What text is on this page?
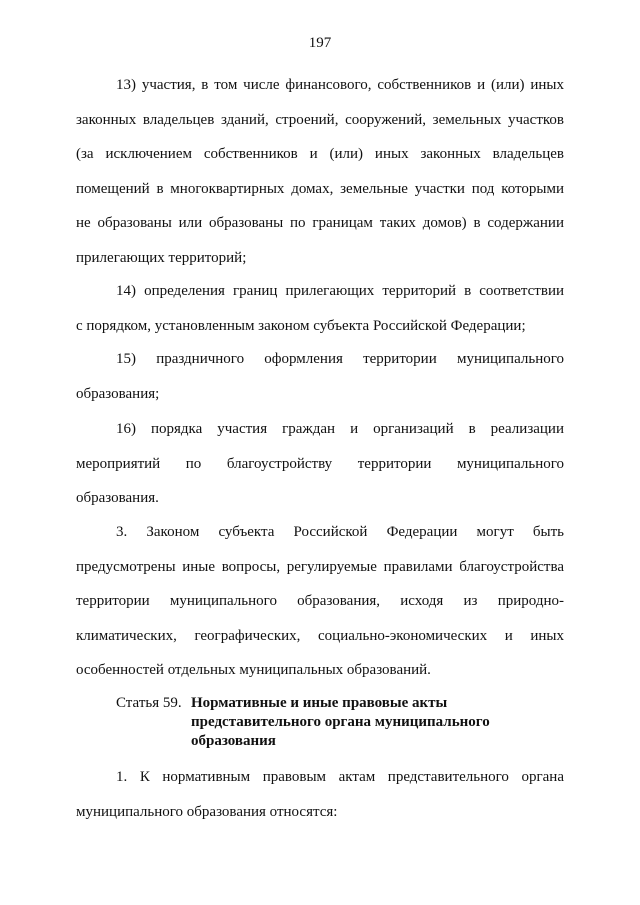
197
13) участия, в том числе финансового, собственников и (или) иных
законных владельцев зданий, строений, сооружений, земельных участков
(за исключением собственников и (или) иных законных владельцев
помещений в многоквартирных домах, земельные участки под которыми
не образованы или образованы по границам таких домов) в содержании
прилегающих территорий;
14) определения границ прилегающих территорий в соответствии
с порядком, установленным законом субъекта Российской Федерации;
15) праздничного оформления территории муниципального
образования;
16) порядка участия граждан и организаций в реализации
мероприятий по благоустройству территории муниципального
образования.
3. Законом субъекта Российской Федерации могут быть
предусмотрены иные вопросы, регулируемые правилами благоустройства
территории муниципального образования, исходя из природно-
климатических, географических, социально-экономических и иных
особенностей отдельных муниципальных образований.
Статья 59. Нормативные и иные правовые акты
представительного органа муниципального
образования
1. К нормативным правовым актам представительного органа
муниципального образования относятся:
